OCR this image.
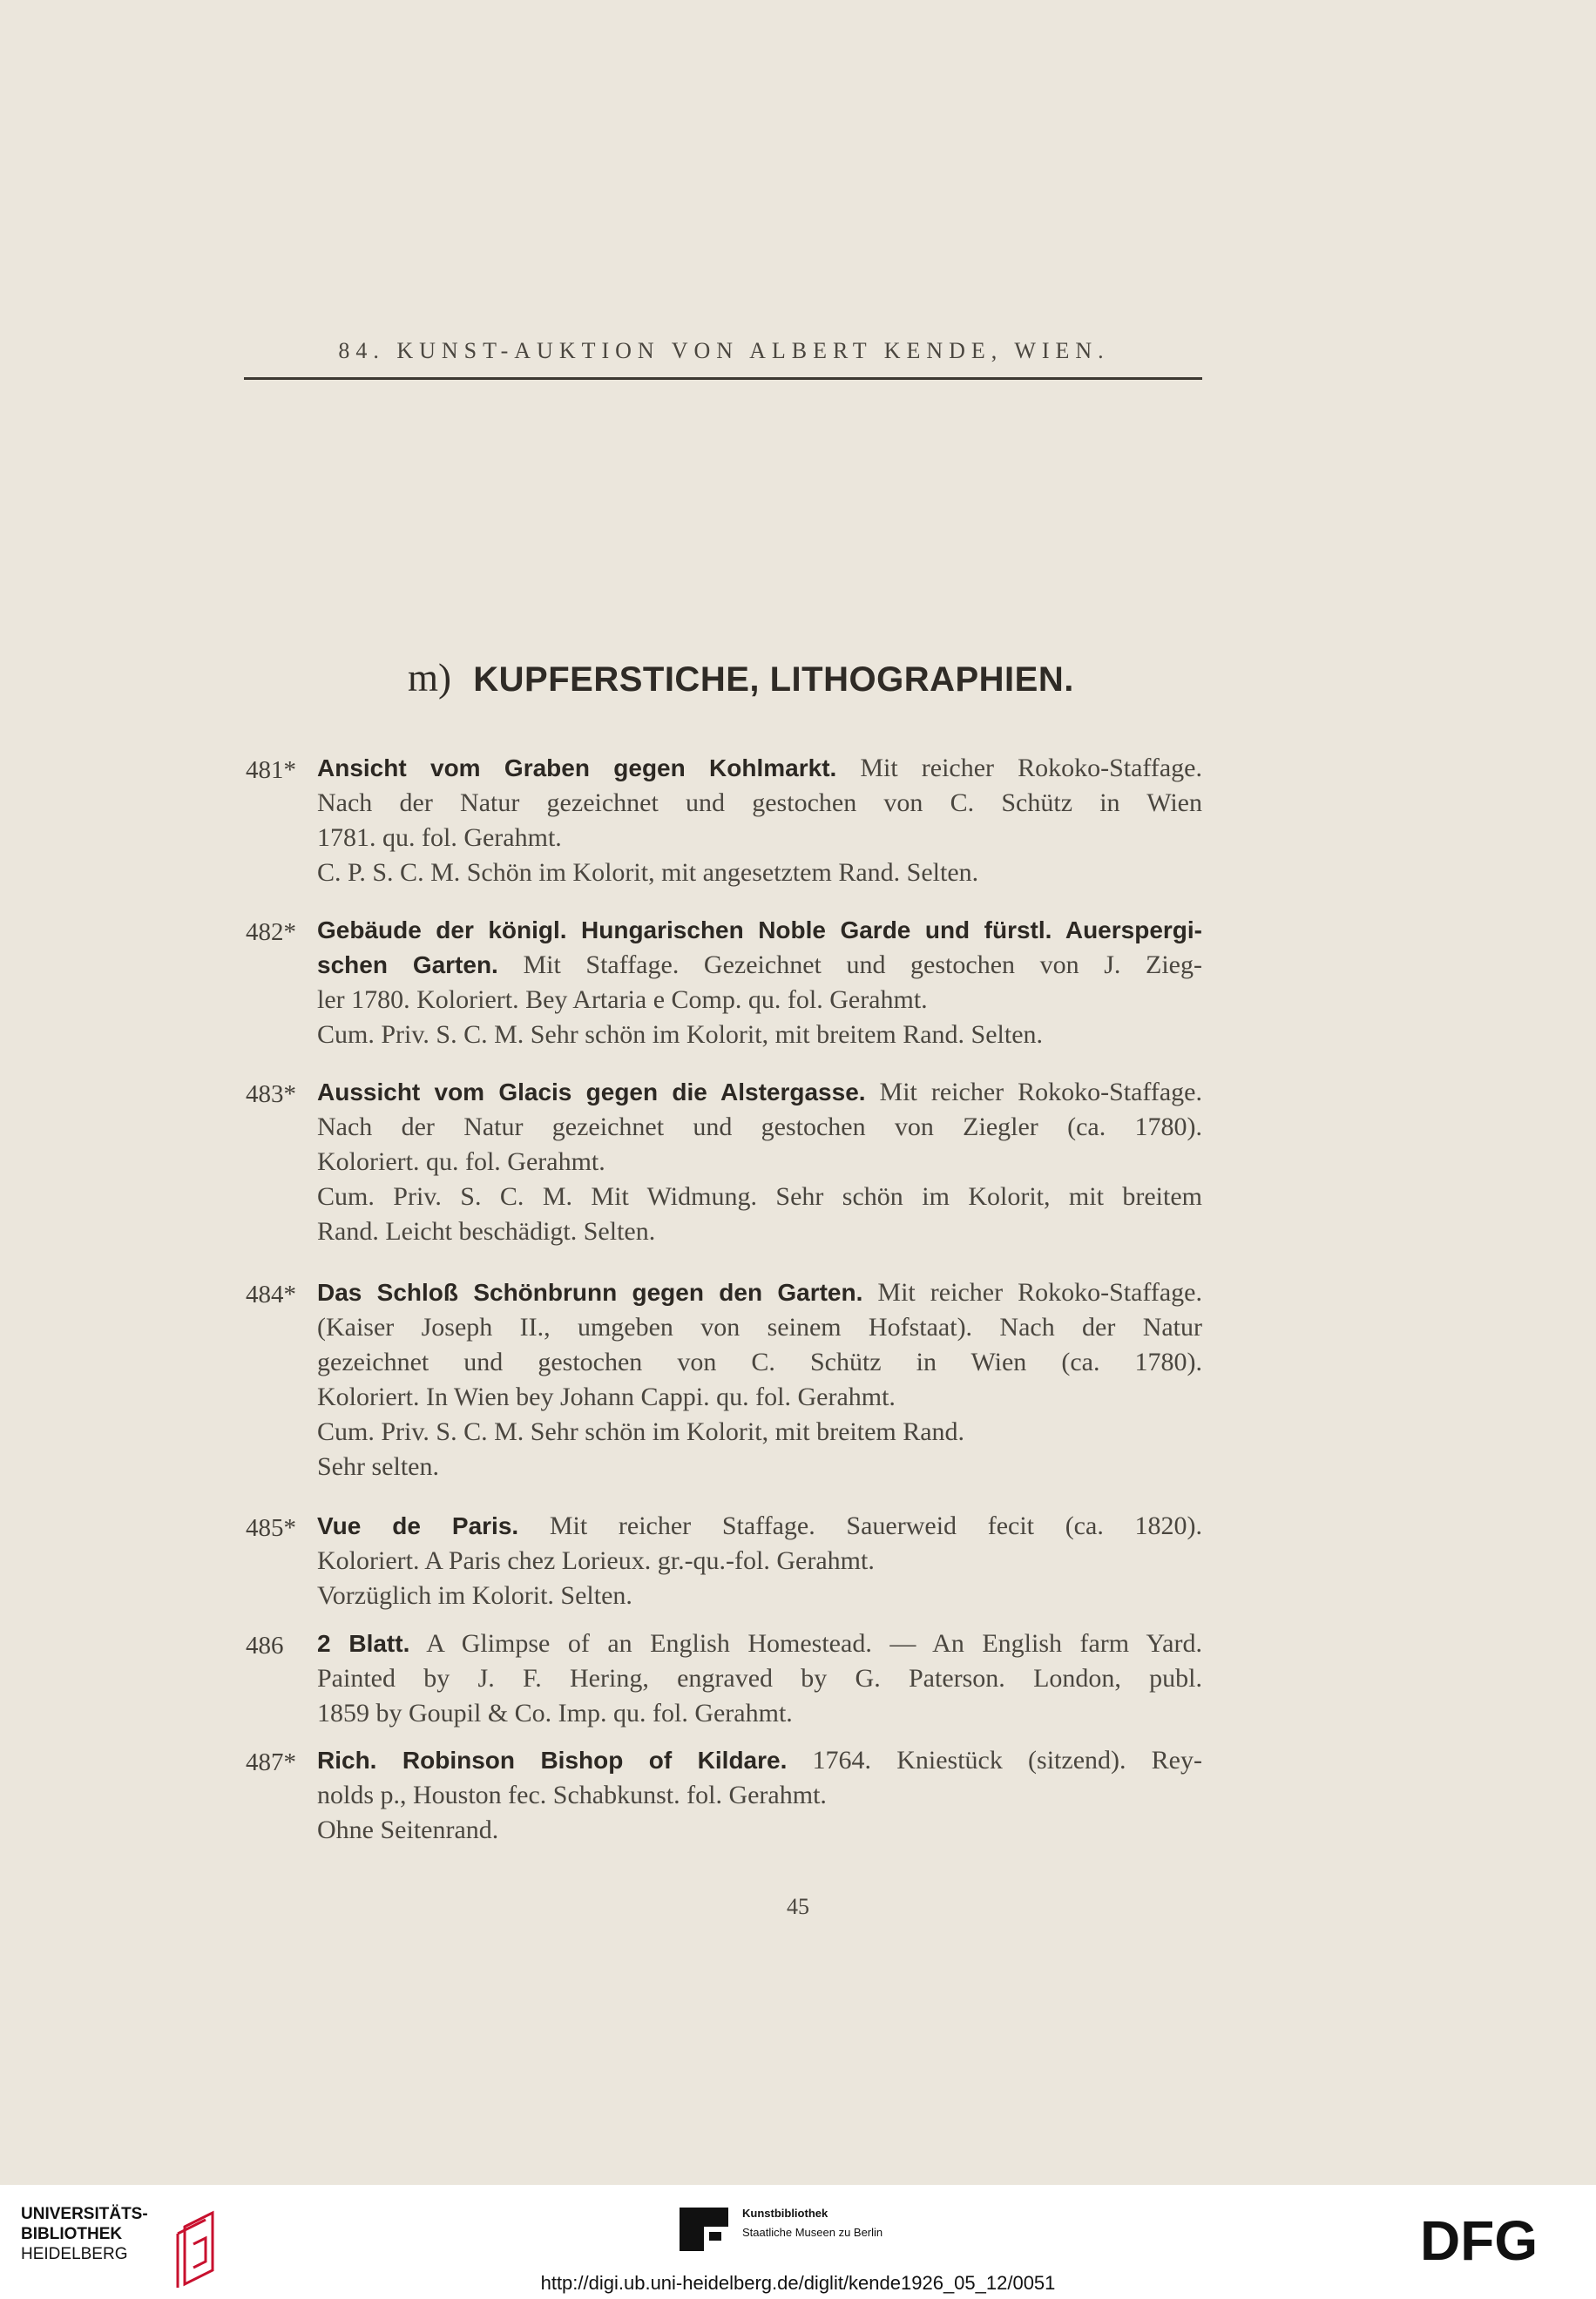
84. KUNST-AUKTION VON ALBERT KENDE, WIEN.
m) KUPFERSTICHE, LITHOGRAPHIEN.
481* Ansicht vom Graben gegen Kohlmarkt. Mit reicher Rokoko-Staffage.
Nach der Natur gezeichnet und gestochen von C. Schütz in Wien
1781. qu. fol. Gerahmt.
C. P. S. C. M. Schön im Kolorit, mit angesetztem Rand. Selten.
482* Gebäude der königl. Hungarischen Noble Garde und fürstl. Auerspergi-
schen Garten. Mit Staffage. Gezeichnet und gestochen von J. Zieg-
ler 1780. Koloriert. Bey Artaria e Comp. qu. fol. Gerahmt.
Cum. Priv. S. C. M. Sehr schön im Kolorit, mit breitem Rand. Selten.
483* Aussicht vom Glacis gegen die Alstergasse. Mit reicher Rokoko-Staffage.
Nach der Natur gezeichnet und gestochen von Ziegler (ca. 1780).
Koloriert. qu. fol. Gerahmt.
Cum. Priv. S. C. M. Mit Widmung. Sehr schön im Kolorit, mit breitem
Rand. Leicht beschädigt. Selten.
484* Das Schloß Schönbrunn gegen den Garten. Mit reicher Rokoko-Staffage.
(Kaiser Joseph II., umgeben von seinem Hofstaat). Nach der Natur
gezeichnet und gestochen von C. Schütz in Wien (ca. 1780).
Koloriert. In Wien bey Johann Cappi. qu. fol. Gerahmt.
Cum. Priv. S. C. M. Sehr schön im Kolorit, mit breitem Rand.
Sehr selten.
485* Vue de Paris. Mit reicher Staffage. Sauerweid fecit (ca. 1820).
Koloriert. A Paris chez Lorieux. gr.-qu.-fol. Gerahmt.
Vorzüglich im Kolorit. Selten.
486 2 Blatt. A Glimpse of an English Homestead. — An English farm Yard.
Painted by J. F. Hering, engraved by G. Paterson. London, publ.
1859 by Goupil & Co. Imp. qu. fol. Gerahmt.
487* Rich. Robinson Bishop of Kildare. 1764. Kniestück (sitzend). Rey-
nolds p., Houston fec. Schabkunst. fol. Gerahmt.
Ohne Seitenrand.
45
UNIVERSITÄTS-
BIBLIOTHEK
HEIDELBERG
Kunstbibliothek
Staatliche Museen zu Berlin	DFG
http://digi.ub.uni-heidelberg.de/diglit/kende1926_05_12/0051
